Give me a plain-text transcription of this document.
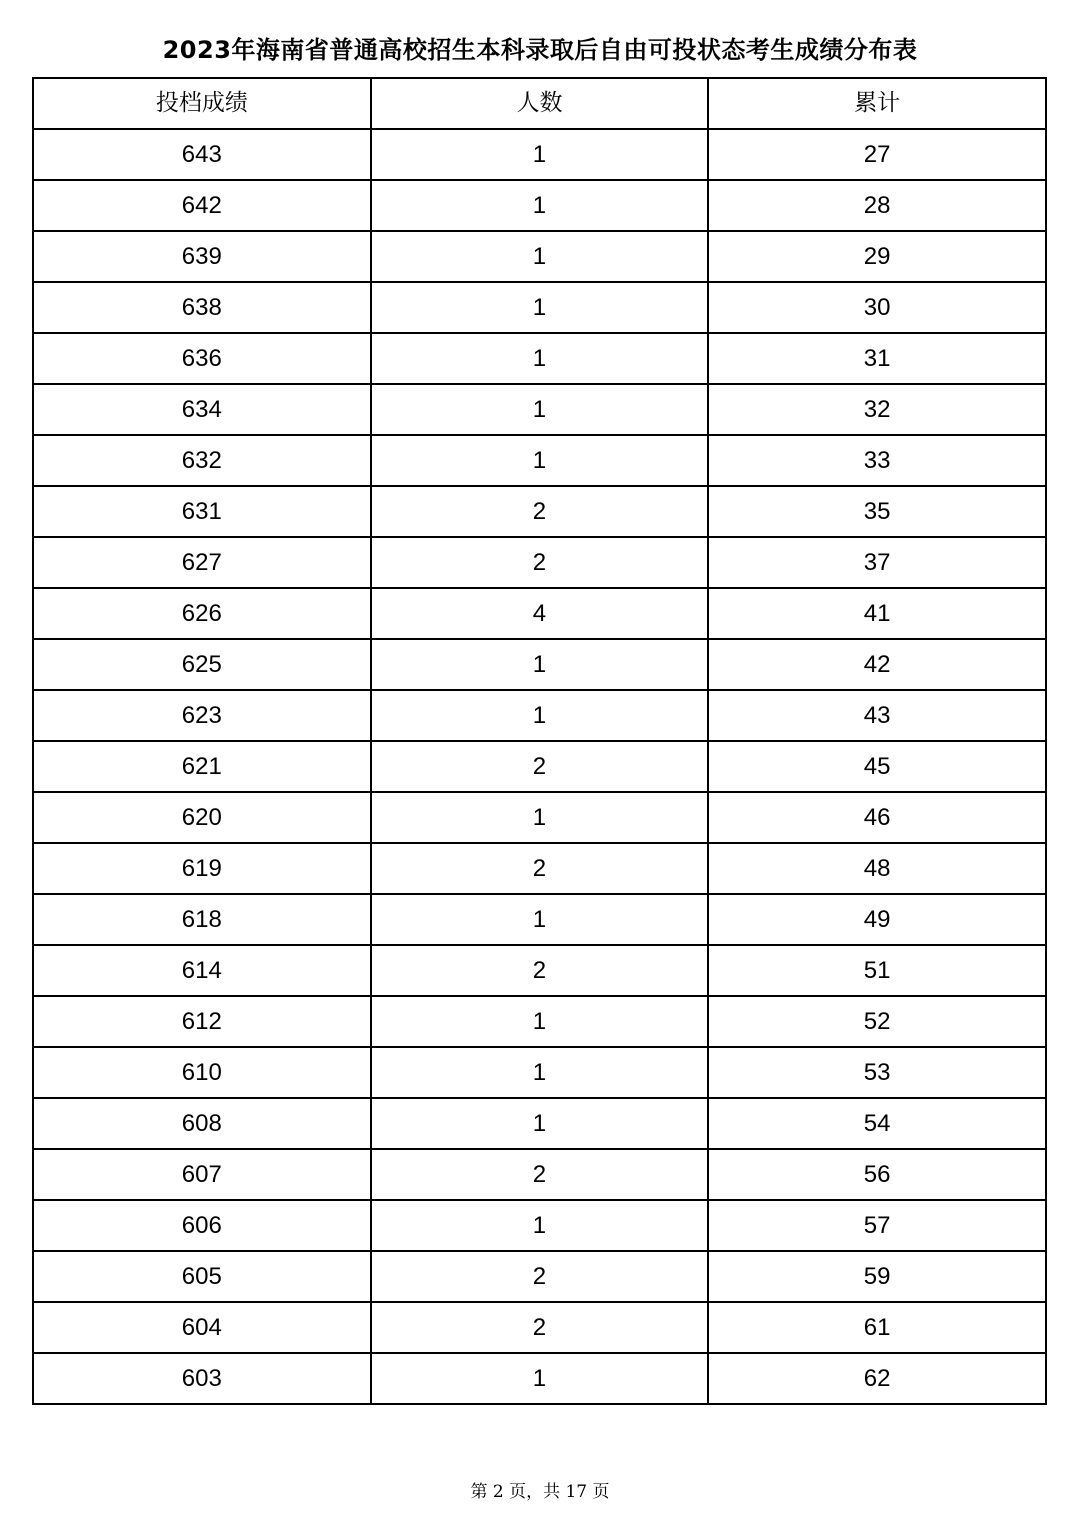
2023年海南省普通高校招生本科录取后自由可投状态考生成绩分布表
投档成绩	人数	累计
643	1	27
642	1	28
639	1	29
638	1	30
636	1	31
634	1	32
632	1	33
631	2	35
627	2	37
626	4	41
625	1	42
623	1	43
621	2	45
620	1	46
619	2	48
618	1	49
614	2	51
612	1	52
610	1	53
608	1	54
607	2	56
606	1	57
605	2	59
604	2	61
603	1	62
第 2 页，共 17 页
